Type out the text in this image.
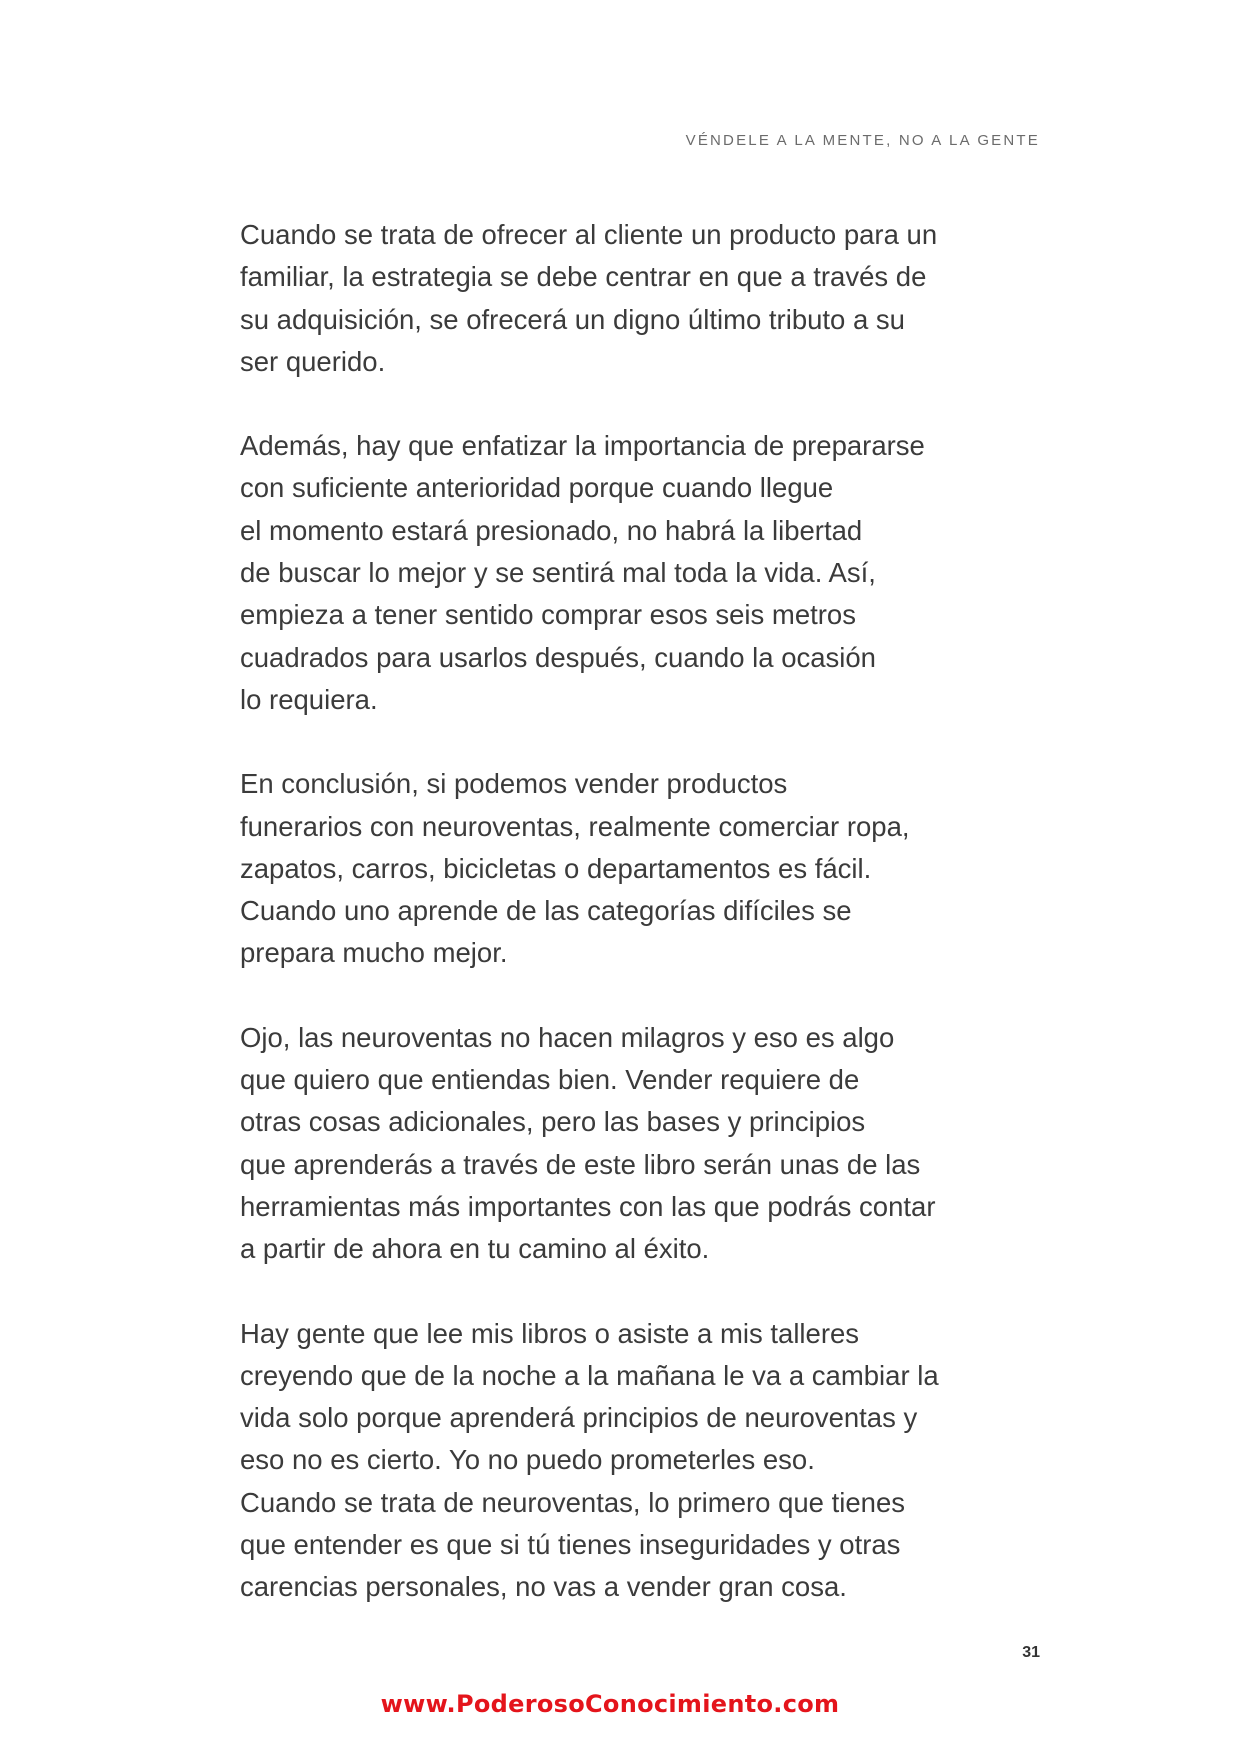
VÉNDELE A LA MENTE, NO A LA GENTE

Cuando se trata de ofrecer al cliente un producto para un
familiar, la estrategia se debe centrar en que a través de
su adquisición, se ofrecerá un digno último tributo a su
ser querido.

Además, hay que enfatizar la importancia de prepararse
con suficiente anterioridad porque cuando llegue
el momento estará presionado, no habrá la libertad
de buscar lo mejor y se sentirá mal toda la vida. Así,
empieza a tener sentido comprar esos seis metros
cuadrados para usarlos después, cuando la ocasión
lo requiera.

En conclusión, si podemos vender productos
funerarios con neuroventas, realmente comerciar ropa,
zapatos, carros, bicicletas o departamentos es fácil.
Cuando uno aprende de las categorías difíciles se
prepara mucho mejor.

Ojo, las neuroventas no hacen milagros y eso es algo
que quiero que entiendas bien. Vender requiere de
otras cosas adicionales, pero las bases y principios
que aprenderás a través de este libro serán unas de las
herramientas más importantes con las que podrás contar
a partir de ahora en tu camino al éxito.

Hay gente que lee mis libros o asiste a mis talleres
creyendo que de la noche a la mañana le va a cambiar la
vida solo porque aprenderá principios de neuroventas y
eso no es cierto. Yo no puedo prometerles eso.
Cuando se trata de neuroventas, lo primero que tienes
que entender es que si tú tienes inseguridades y otras
carencias personales, no vas a vender gran cosa.

31
www.PoderosoConocimiento.com
